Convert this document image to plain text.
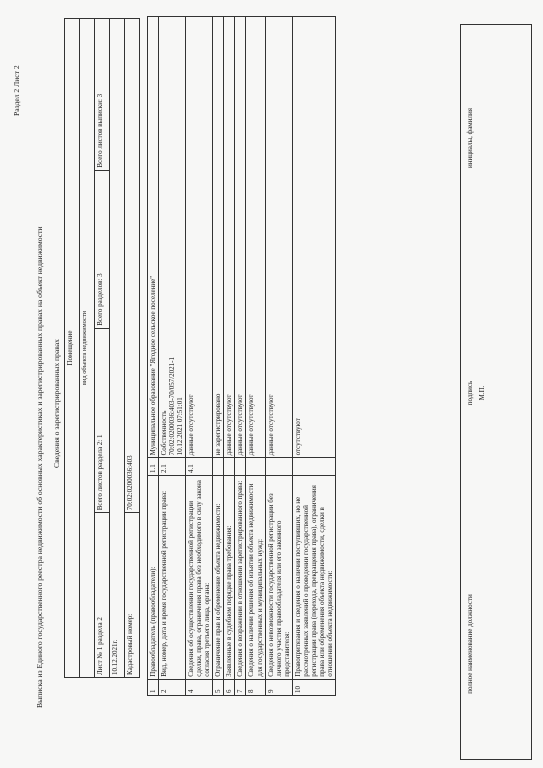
Раздел 2 Лист 2
Выписка из Единого государственного реестра недвижимости об основных характеристиках и зарегистрированных правах на объект недвижимости Сведения о зарегистрированных правах Помещение			
вид объекта недвижимости			
Лист № 1 раздела 2	Всего листов раздела 2: 1	Всего разделов: 3	Всего листов выписки: 3
10.12.2021г.			
Кадастровый номер:	70:02:0200036:403		
1	Правообладатель (правообладатели):	1.1	Муниципальное образование "Ягодное сельское поселение"
2	Вид, номер, дата и время государственной регистрации права:	2.1	Собственность
70:02:0200036:403-70/057/2021-1
10.12.2021 07:51:01
4	Сведения об осуществлении государственной регистрации сделки, права, ограничения права без необходимого в силу закона согласия третьего лица, органа:	4.1	данные отсутствуют
5	Ограничение прав и обременение объекта недвижимости:		не зарегистрировано
6	Заявленные в судебном порядке права требования:		данные отсутствуют
7	Сведения о возражении в отношении зарегистрированного права:		данные отсутствуют
8	Сведения о наличии решения об изъятии объекта недвижимости для государственных и муниципальных нужд:		данные отсутствуют
9	Сведения о невозможности государственной регистрации без личного участия правообладателя или его законного представителя:		данные отсутствуют
10	Правопритязания и сведения о наличии поступивших, но не рассмотренных заявлений о проведении государственной регистрации права (перехода, прекращения права), ограничения права или обременения объекта недвижимости, сделки в отношении объекта недвижимости:		отсутствуют
полное наименование должности
подпись М.П.
инициалы, фамилия
